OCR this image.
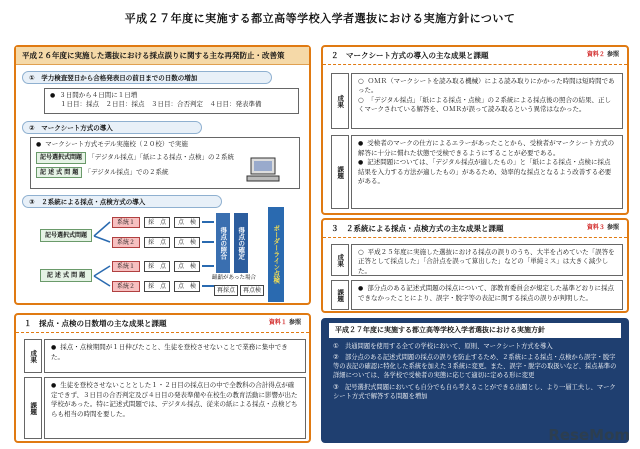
平成２７年度に実施する都立高等学校入学者選抜における実施方針について
平成２６年度に実施した選抜における採点誤りに関する主な再発防止・改善策
① 学力検査翌日から合格発表日の前日までの日数の増加
● ３日間から４日間に１日増
１日目：採点　２日目：採点　３日目：合否判定　４日目：発表準備
② マークシート方式の導入
● マークシート方式モデル実施校（２０校）で実施
記号選択式問題 「デジタル採点」「紙による採点・点検」の２系統
記 述 式 問 題 「デジタル採点」での２系統
③ ２系統による採点・点検方式の導入
記号選択式問題
記 述 式 問 題
系統１	採　点	点　検
系統２	採　点	点　検
系統１	採　点	点　検
系統２	採　点	点　検
得点の照合	得点の確定	ボーダーライン点検
齟齬があった場合
再採点	再点検
２　マークシート方式の導入の主な成果と課題	資料２ 参照
成果
○ ＯＭＲ（マークシートを読み取る機械）による読み取りにかかった時間は短時間であった。
○ 「デジタル採点」「紙による採点・点検」の２系統による採点後の照合の結果、正しくマークされている解答を、ＯＭＲが誤って読み取るという異常はなかった。
課題
● 受検者のマークの仕方によるエラーがあったことから、受検者がマークシート方式の解答に十分に慣れた状態で受検できるようにすることが必要である。
● 記述問題については、「デジタル採点が適したもの」と「紙による採点・点検に採点結果を入力する方法が適したもの」があるため、効率的な採点となるよう改善する必要がある。
３　２系統による採点・点検方式の主な成果と課題	資料３ 参照
成果
○ 平成２５年度に実施した選抜における採点の誤りのうち、大半を占めていた「誤答を正答として採点した」「合計点を誤って算出した」などの「単純ミス」は大きく減少した。
課題
● 部分点のある記述式問題の採点について、部教育委員会が規定した基準どおりに採点できなかったことにより、誤字・脱字等の表記に関する採点の誤りが判明した。
１　採点・点検の日数増の主な成果と課題	資料１ 参照
成果
● 採点・点検期間が１日伸びたこと、生徒を登校させないことで業務に集中できた。
課題
● 生徒を登校させないこととした１・２日目の採点日の中で全教科の合計得点が確定できず、３日目の合否判定及び４日目の発表準備や在校生の教育活動に影響が出た学校があった。特に記述式問題では、デジタル採点、従来の紙による採点・点検どちらも相当の時間を要した。
平成２７年度に実施する都立高等学校入学者選抜における実施方針
①　共通問題を使用する全ての学校において、原則、マークシート方式を導入
②　部分点のある記述式問題の採点の誤りを防止するため、２系統による採点・点検から誤字・脱字等の表記の確認に特化した系統を加えた３系統に変更。また、誤字・脱字の取扱いなど、採点基準の詳細については、各学校で受検者の実態に応じて適切に定める形に変更
③　記号選択式問題においても自分でも自ら考えることができる出題とし、より一層工夫し、マークシート方式で解答する問題を増加
ReseMom
